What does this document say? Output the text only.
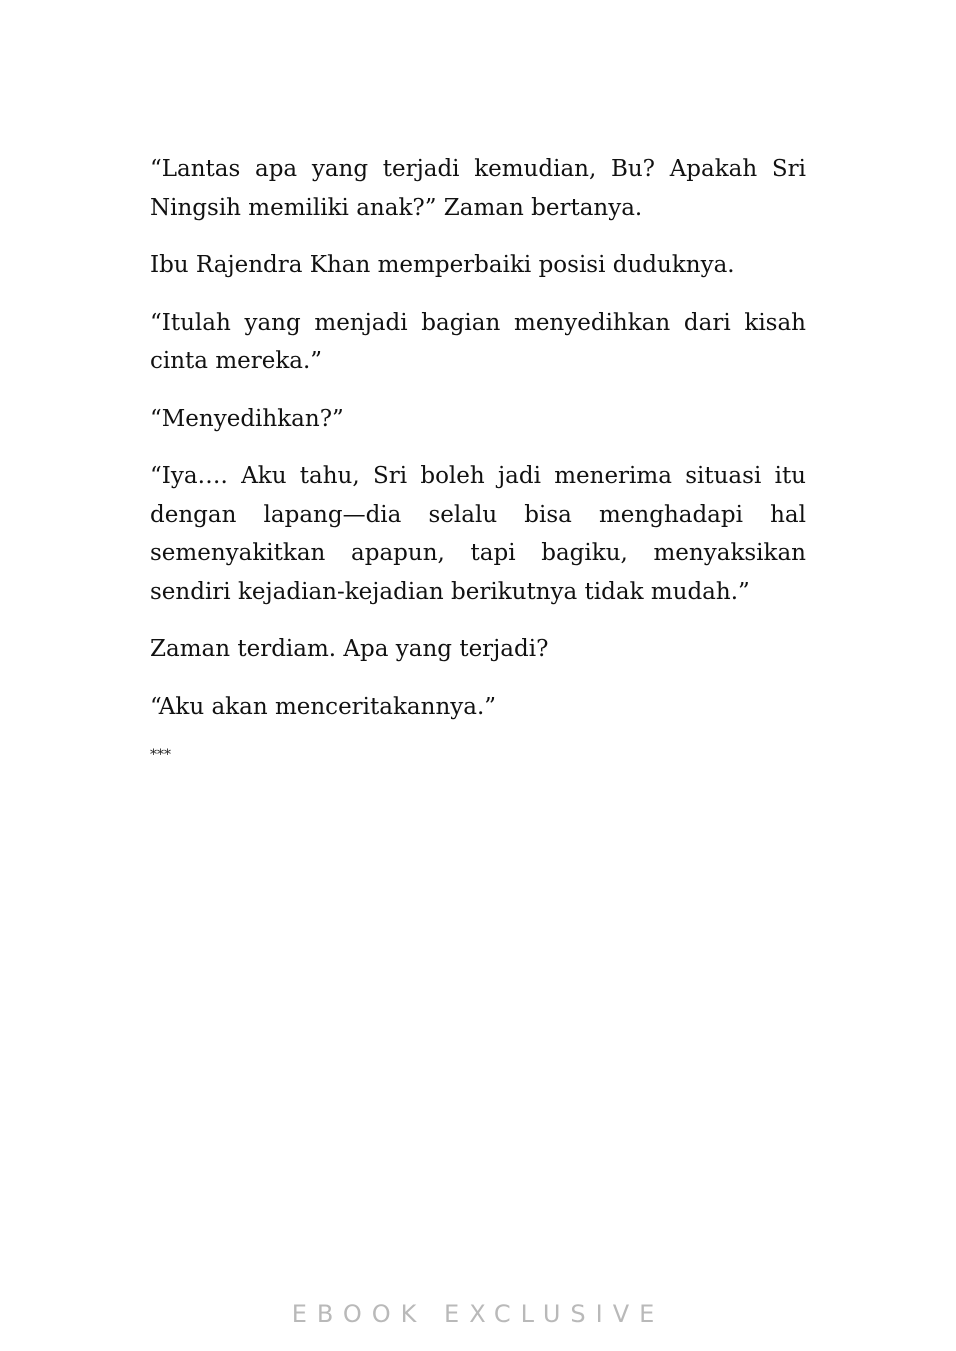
“Lantas apa yang terjadi kemudian, Bu? Apakah Sri Ningsih memiliki anak?” Zaman bertanya.

Ibu Rajendra Khan memperbaiki posisi duduknya.

“Itulah yang menjadi bagian menyedihkan dari kisah cinta mereka.”

“Menyedihkan?”

“Iya…. Aku tahu, Sri boleh jadi menerima situasi itu dengan lapang—dia selalu bisa menghadapi hal semenyakitkan apapun, tapi bagiku, menyaksikan sendiri kejadian-kejadian berikutnya tidak mudah.”

Zaman terdiam. Apa yang terjadi?

“Aku akan menceritakannya.”

***

EBOOK EXCLUSIVE
